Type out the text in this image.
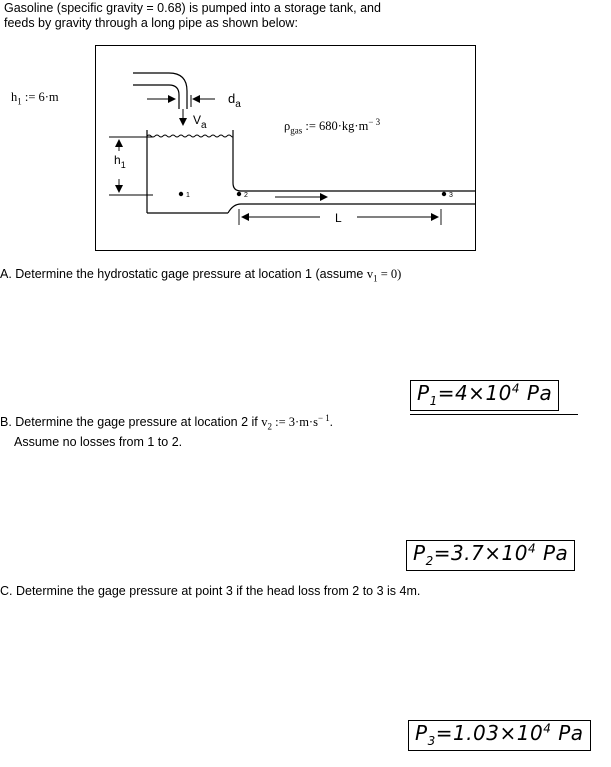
Gasoline (specific gravity = 0.68) is pumped into a storage tank, and
feeds by gravity through a long pipe as shown below:
$h_1$ := 6·m	$d_a$
$V_a$
$h_1$
1	2	3
L
$\rho_{gas}$ := $680\cdot kg\cdot m^{- 3}$
A. Determine the hydrostatic gage pressure at location 1 (assume $v_1 = 0$)
$P_1=4\times 10^4$ Pa
B. Determine the gage pressure at location 2 if $v_2$ := $3\cdot m\cdot s^{- 1}$.
Assume no losses from 1 to 2.
$P_2=3.7\times 10^4$ Pa
C. Determine the gage pressure at point 3 if the head loss from 2 to 3 is 4m.
$P_3=1.03\times 10^4$ Pa
